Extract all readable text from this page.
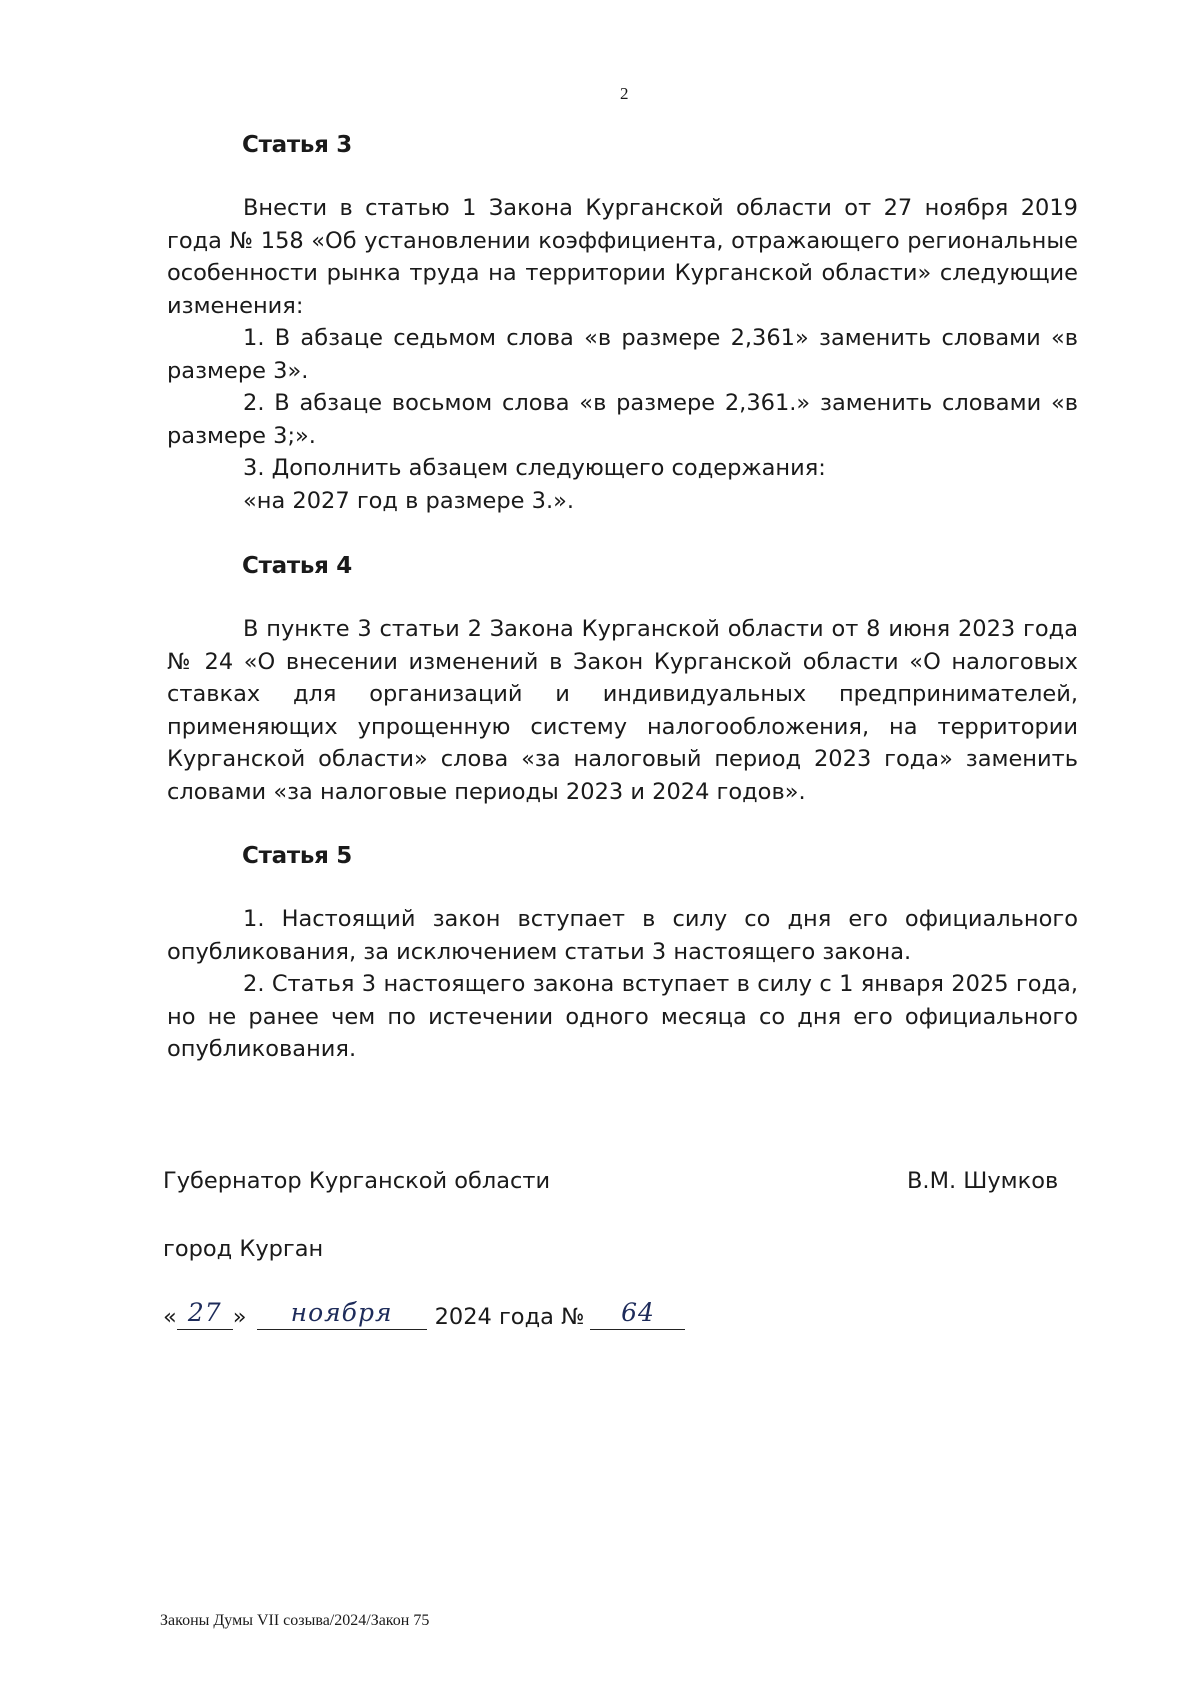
2
Статья 3

Внести в статью 1 Закона Курганской области от 27 ноября 2019 года № 158 «Об установлении коэффициента, отражающего региональные особенности рынка труда на территории Курганской области» следующие изменения:

1. В абзаце седьмом слова «в размере 2,361» заменить словами «в размере 3».

2. В абзаце восьмом слова «в размере 2,361.» заменить словами «в размере 3;».

3. Дополнить абзацем следующего содержания:

«на 2027 год в размере 3.».

Статья 4

В пункте 3 статьи 2 Закона Курганской области от 8 июня 2023 года № 24 «О внесении изменений в Закон Курганской области «О налоговых ставках для организаций и индивидуальных предпринимателей, применяющих упрощенную систему налогообложения, на территории Курганской области» слова «за налоговый период 2023 года» заменить словами «за налоговые периоды 2023 и 2024 годов».

Статья 5

1. Настоящий закон вступает в силу со дня его официального опубликования, за исключением статьи 3 настоящего закона.

2. Статья 3 настоящего закона вступает в силу с 1 января 2025 года, но не ранее чем по истечении одного месяца со дня его официального опубликования.

Губернатор Курганской области	В.М. Шумков
город Курган
« 27 »	ноября	2024 года №	64
Законы Думы VII созыва/2024/Закон 75
